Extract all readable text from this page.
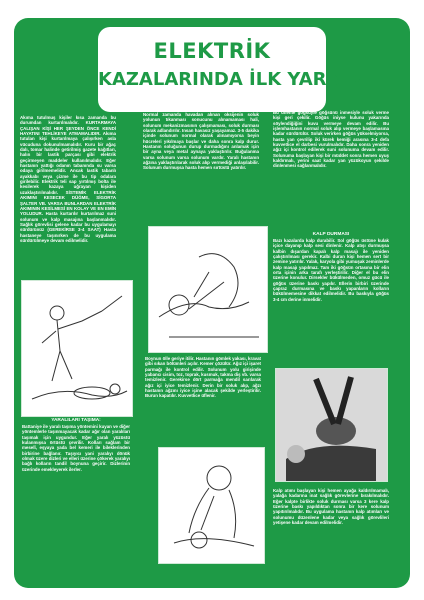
ELEKTRİK
KAZALARINDA İLK YARDIM
Akıma tutulmuş kişiler kısa zamanda bu durumdan kurtarılmalıdır. KURTARMAYA ÇALIŞAN KİŞİ HER ŞEYDEN ÖNCE KENDİ HAYATINI TEHLİKEYE ATMAMALIDIR. Akıma tutulan kişi kurtarılmaya çalışırken asla vücuduna dokunulmamalıdır. Kuru bir ağaç dalı, tomar halinde getirilmiş gazete kağıtları, halın bir lastik parçası gibi elektrik geçirmeyen maddeler kullanılmalıdır. Eğer hastanın yattığı odanın tabanında su varsa odaya girilmemelidir. Ancak lastik tabanlı ayakkabı veya çizme ile bu tip odalara girilebilir. Elektrik teli sap yırtılmış bolta ile kesilerek kazaya uğrayan kişiden uzaklaştırılmalıdır. SİSTEMİK ELEKTRİK AKIMINI KESECEK DÜĞME, SİGORTA ŞALTER VB. VARSA BUNLARDAN ELEKTRİK AKIMININ KESİLMESİ EN KOLAY VE EN EMİN YOLUDUR. Hasta kurtarılır kurtarılmaz suni solunum ve kalp masajına başlanmalıdır. Sağlık görevlisi gelene kadar bu uygulamayı sürdürünüz (GEREKİRSE 3-4 SAAT) Hasta hastaneye taşınırken de bu uygulama sürdürülmeye devam edilmelidir.
YARALILARI TAŞIMA:
Battaniye ile yaralı taşıma yöntemini kuyan ve diğer yöntemlerle taşınmayacak kadar ağır olan yaralıları taşımak için uygundur. Eğer yaralı yüzüstü kulanmışsa örtüstü çevrilir. Kolları sağlam bir meselî, eşyaya yada bel kemeri ile bileklerinden birbirine bağlanır. Taşıyıcı yani yaralıyı dönük olmak üzere dizleri ve elleri üzerine çökerek yaralıyı bağlı kolların tandil boynuna geçirir. Dizlerinin üzerinde emekleyerek ilerler.
SOLUK DURMASI:
Normal zamanda havadan alınan oksijenin soluk yolunun tıkanması sonucunu alınamaması hali, solunum mekanizmasının çalışmaması, soluk durması olarak adlandırılır. Insan havasız yaşayamaz. 3-5 dakika içinde solunum normal olarak alınamıyorsa beyin hücreleri yıkılmaya başlar ve daha sonra kalp durur. Hastanın soluğunun durup durmadığını anlamak için bir ayna veya metal aynaya yaklaştırılır. Buğulanma varsa solunum varsa solunum vardır. Yaralı hastanın ağzına yaklaştırılarak soluk alıp vermediği anlaşılabilir. Solunum durmuşsa hasta hemen sırtüstü yatırılır.
Boynun ölle geriye itilir. Hastanın gömlek yakası, kravat gibi sıkan bölümleri açılır. Kemer çözülür. Ağız içi işaret parmağı ile kontrol edilir. Solunum yolu girişinde yabancı cisim, toz, toprak, kusmuk, takma diş vb. varsa temizlenir. Gerekirse dört parmağa mendil sarılarak ağız içi iyice temizlenir. Derin bir soluk alıp, ağzı hastanın ağzını iyice içine alacak şekilde yerleştirilir. Burun kapatılır. Kuvvetlice üflenir.
Bu üfleme göğsüyle göğsünü inmesiyle soluk verme kişi geri çekilir. Göğüs iniyse kulunu yakarında söylendiğiğini kuvu vermeye devam edilir. Bu işlemhastanın normal soluk alıp vermeye başlamasına kadar sürdürülür. Soluk verirken göğüs yükselmiyorsa, hasta yan çevrilip iki kürek kemiği arasına 3-4 defa kuvvetlice el darbesi vurulmalıdır. Daha sonra yeniden ağız içi kontrol edilerek suni solunuma devam edilir. Solunuma başlayan kişi bir müddet sonra hemen uyuş kaldırmalı, yerini saat kadar yan yüzükoyun şekilde dinlenmesi sağlanmalıdır.
KALP DURMASI
Bazı kazalarda kalp durabilir. Sol göğüs üstüne kulak içice dayanıp kalp sesi dinlenir. Kalp atışı durmuşsa kalbin dışardan kapalı kalp masajı ile yeniden çalıştırılması gerekir. Kalbi duran kişi hemen sert bir zemine yatırılır. Yalak, karyola gibi yumuşak zeminlerde kalp masajı yapılmaz. Tam iki göğsün ortasına bir elin orta içinin arka tarafı yerleştirilir. Diğer el bu elin üzerine konulur. Dirsekler bükülmeden, omuz gücü ile göğüs üzerine baskı yapılır. Ellerin birbiri üzerinde çapraz durmasına ve baskı yapanların kolların bükülmemesine dikkat edilmelidir. Bu baskıyla göğüs 3-4 cm derine inmelidir.
Kalp atımı başlayan kişi hemen ayağa kaldırılmamalı, yalağa kadarına inat sağlık görevlerine bırakılmalıdır. Eğer kalpte birlikte soluk durması varsa 3 kere kalp üzerine baskı yapıldıktan sonra bir kere solunum yapıtırılmalıdır. Bu uygulama hastanın kalp atımları ve solunumu düzenlene kadar veya sağlık görevlileri yetişene kadar devam edilmelidir.
